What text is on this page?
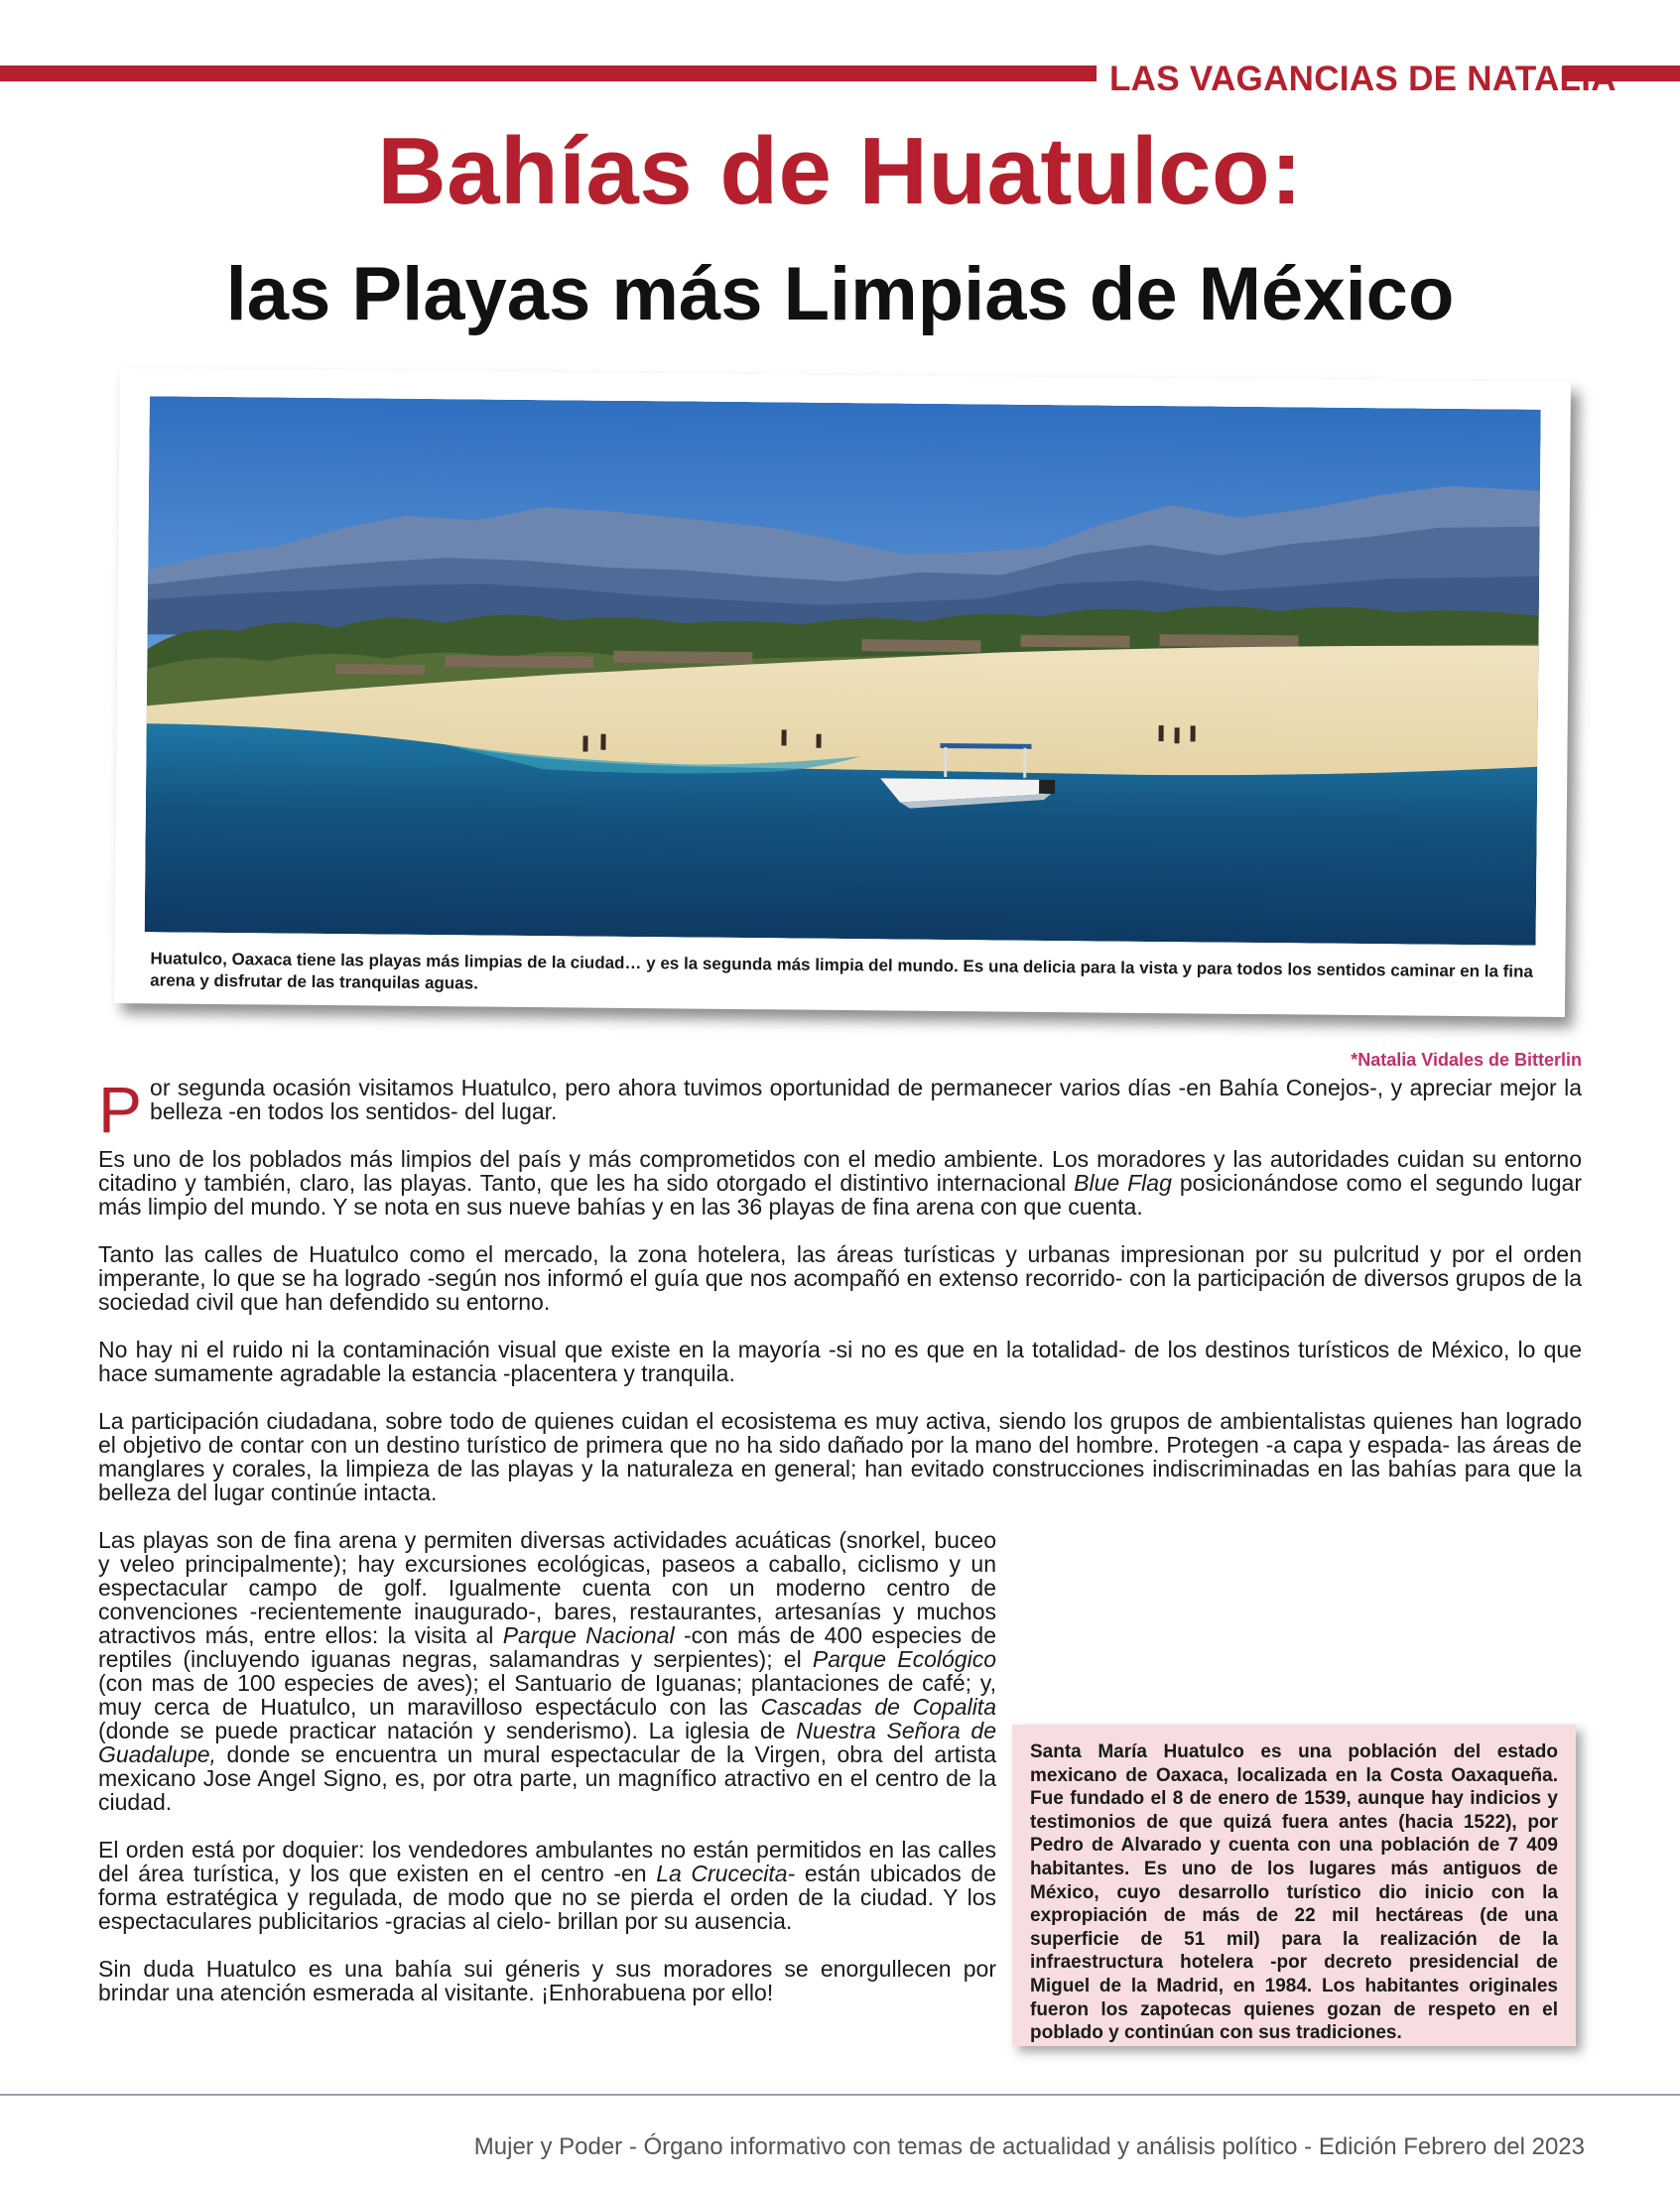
LAS VAGANCIAS DE NATALIA
Bahías de Huatulco:
las Playas más Limpias de México
Huatulco, Oaxaca tiene las playas más limpias de la ciudad… y es la segunda más limpia del mundo. Es una delicia para la vista y para todos los sentidos caminar en la fina arena y disfrutar de las tranquilas aguas.
*Natalia Vidales de Bitterlin

Por segunda ocasión visitamos Huatulco, pero ahora tuvimos oportunidad de permanecer varios días -en Bahía Conejos-, y apreciar mejor la belleza -en todos los sentidos- del lugar.

Es uno de los poblados más limpios del país y más comprometidos con el medio ambiente. Los moradores y las autoridades cuidan su entorno citadino y también, claro, las playas. Tanto, que les ha sido otorgado el distintivo internacional Blue Flag posicionándose como el segundo lugar más limpio del mundo. Y se nota en sus nueve bahías y en las 36 playas de fina arena con que cuenta.

Tanto las calles de Huatulco como el mercado, la zona hotelera, las áreas turísticas y urbanas impresionan por su pulcritud y por el orden imperante, lo que se ha logrado -según nos informó el guía que nos acompañó en extenso recorrido- con la participación de diversos grupos de la sociedad civil que han defendido su entorno.

No hay ni el ruido ni la contaminación visual que existe en la mayoría -si no es que en la totalidad- de los destinos turísticos de México, lo que hace sumamente agradable la estancia -placentera y tranquila.

La participación ciudadana, sobre todo de quienes cuidan el ecosistema es muy activa, siendo los grupos de ambientalistas quienes han logrado el objetivo de contar con un destino turístico de primera que no ha sido dañado por la mano del hombre. Protegen -a capa y espada- las áreas de manglares y corales, la limpieza de las playas y la naturaleza en general; han evitado construcciones indiscriminadas en las bahías para que la belleza del lugar continúe intacta.

Las playas son de fina arena y permiten diversas actividades acuáticas (snorkel, buceo y veleo principalmente); hay excursiones ecológicas, paseos a caballo, ciclismo y un espectacular campo de golf. Igualmente cuenta con un moderno centro de convenciones -recientemente inaugurado-, bares, restaurantes, artesanías y muchos atractivos más, entre ellos: la visita al Parque Nacional -con más de 400 especies de reptiles (incluyendo iguanas negras, salamandras y serpientes); el Parque Ecológico (con mas de 100 especies de aves); el Santuario de Iguanas; plantaciones de café; y, muy cerca de Huatulco, un maravilloso espectáculo con las Cascadas de Copalita (donde se puede practicar natación y senderismo). La iglesia de Nuestra Señora de Guadalupe, donde se encuentra un mural espectacular de la Virgen, obra del artista mexicano Jose Angel Signo, es, por otra parte, un magnífico atractivo en el centro de la ciudad.

El orden está por doquier: los vendedores ambulantes no están permitidos en las calles del área turística, y los que existen en el centro -en La Crucecita- están ubicados de forma estratégica y regulada, de modo que no se pierda el orden de la ciudad. Y los espectaculares publicitarios -gracias al cielo- brillan por su ausencia.

Sin duda Huatulco es una bahía sui géneris y sus moradores se enorgullecen por brindar una atención esmerada al visitante. ¡Enhorabuena por ello!

Santa María Huatulco es una población del estado mexicano de Oaxaca, localizada en la Costa Oaxaqueña. Fue fundado el 8 de enero de 1539, aunque hay indicios y testimonios de que quizá fuera antes (hacia 1522), por Pedro de Alvarado y cuenta con una población de 7 409 habitantes. Es uno de los lugares más antiguos de México, cuyo desarrollo turístico dio inicio con la expropiación de más de 22 mil hectáreas (de una superficie de 51 mil) para la realización de la infraestructura hotelera -por decreto presidencial de Miguel de la Madrid, en 1984. Los habitantes originales fueron los zapotecas quienes gozan de respeto en el poblado y continúan con sus tradiciones.

Mujer y Poder - Órgano informativo con temas de actualidad y análisis político - Edición Febrero del 2023
